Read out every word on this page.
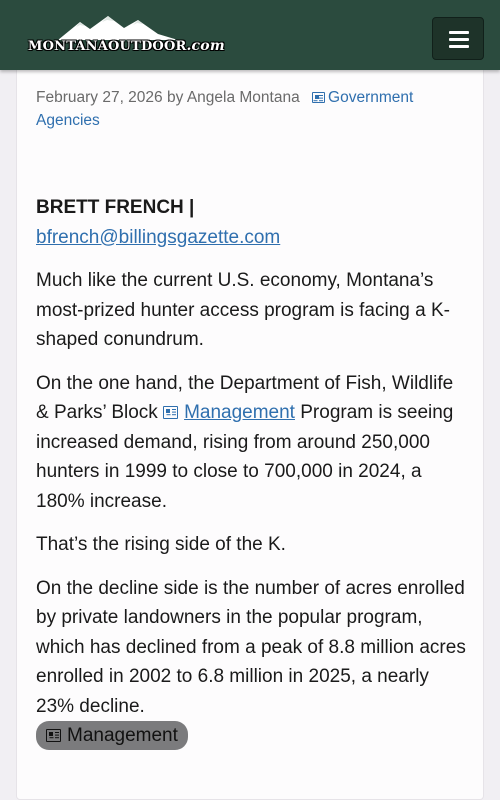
MONTANAOUTDOOR.com
February 27, 2026 by Angela Montana Government Agencies

BRETT FRENCH |
bfrench@billingsgazette.com

Much like the current U.S. economy, Montana’s most-prized hunter access program is facing a K-shaped conundrum.

On the one hand, the Department of Fish, Wildlife & Parks’ Block Management Program is seeing increased demand, rising from around 250,000 hunters in 1999 to close to 700,000 in 2024, a 180% increase.

That’s the rising side of the K.

On the decline side is the number of acres enrolled by private landowners in the popular program, which has declined from a peak of 8.8 million acres enrolled in 2002 to 6.8 million in 2025, a nearly 23% decline.
Management
